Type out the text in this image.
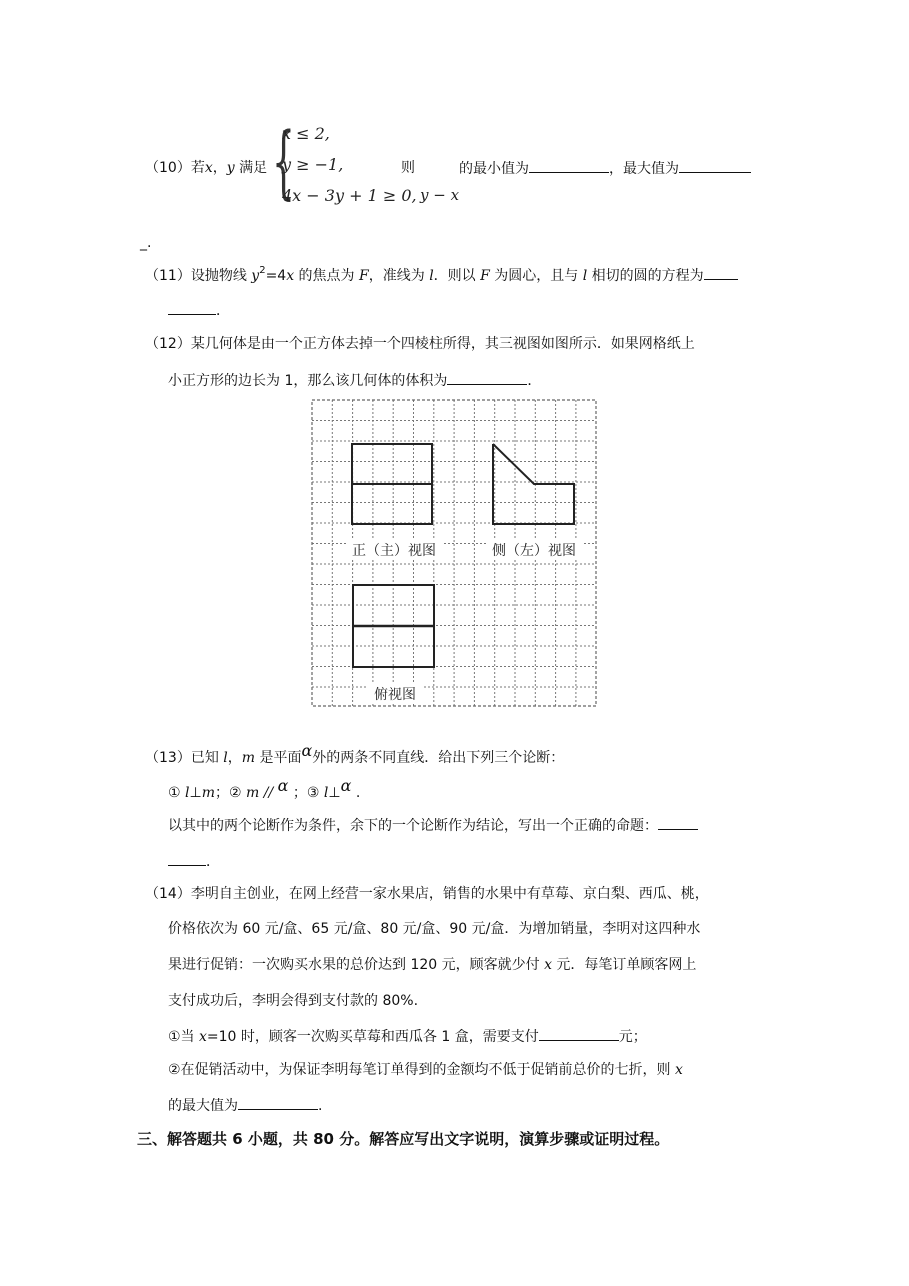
{
x ≤ 2,
y ≥ −1,
4x − 3y + 1 ≥ 0, y − x
（10）若x，y 满足	则	的最小值为	，最大值为
_.
（11）设抛物线 $y^2=4x$ 的焦点为 F，准线为 l．则以 F 为圆心，且与 l 相切的圆的方程为
．
（12）某几何体是由一个正方体去掉一个四棱柱所得，其三视图如图所示．如果网格纸上
小正方形的边长为 1，那么该几何体的体积为	．
正（主）视图	侧（左）视图
俯视图
（13）已知 l，m 是平面α外的两条不同直线．给出下列三个论断：
① l⊥m；② m // α ；③ l⊥α .
以其中的两个论断作为条件，余下的一个论断作为结论，写出一个正确的命题：
．
（14）李明自主创业，在网上经营一家水果店，销售的水果中有草莓、京白梨、西瓜、桃，
价格依次为 60 元/盒、65 元/盒、80 元/盒、90 元/盒．为增加销量，李明对这四种水
果进行促销：一次购买水果的总价达到 120 元，顾客就少付 x 元．每笔订单顾客网上
支付成功后，李明会得到支付款的 80%.
①当 x=10 时，顾客一次购买草莓和西瓜各 1 盒，需要支付	元；
②在促销活动中，为保证李明每笔订单得到的金额均不低于促销前总价的七折，则 x
的最大值为	.
三、解答题共 6 小题，共 80 分。解答应写出文字说明，演算步骤或证明过程。
